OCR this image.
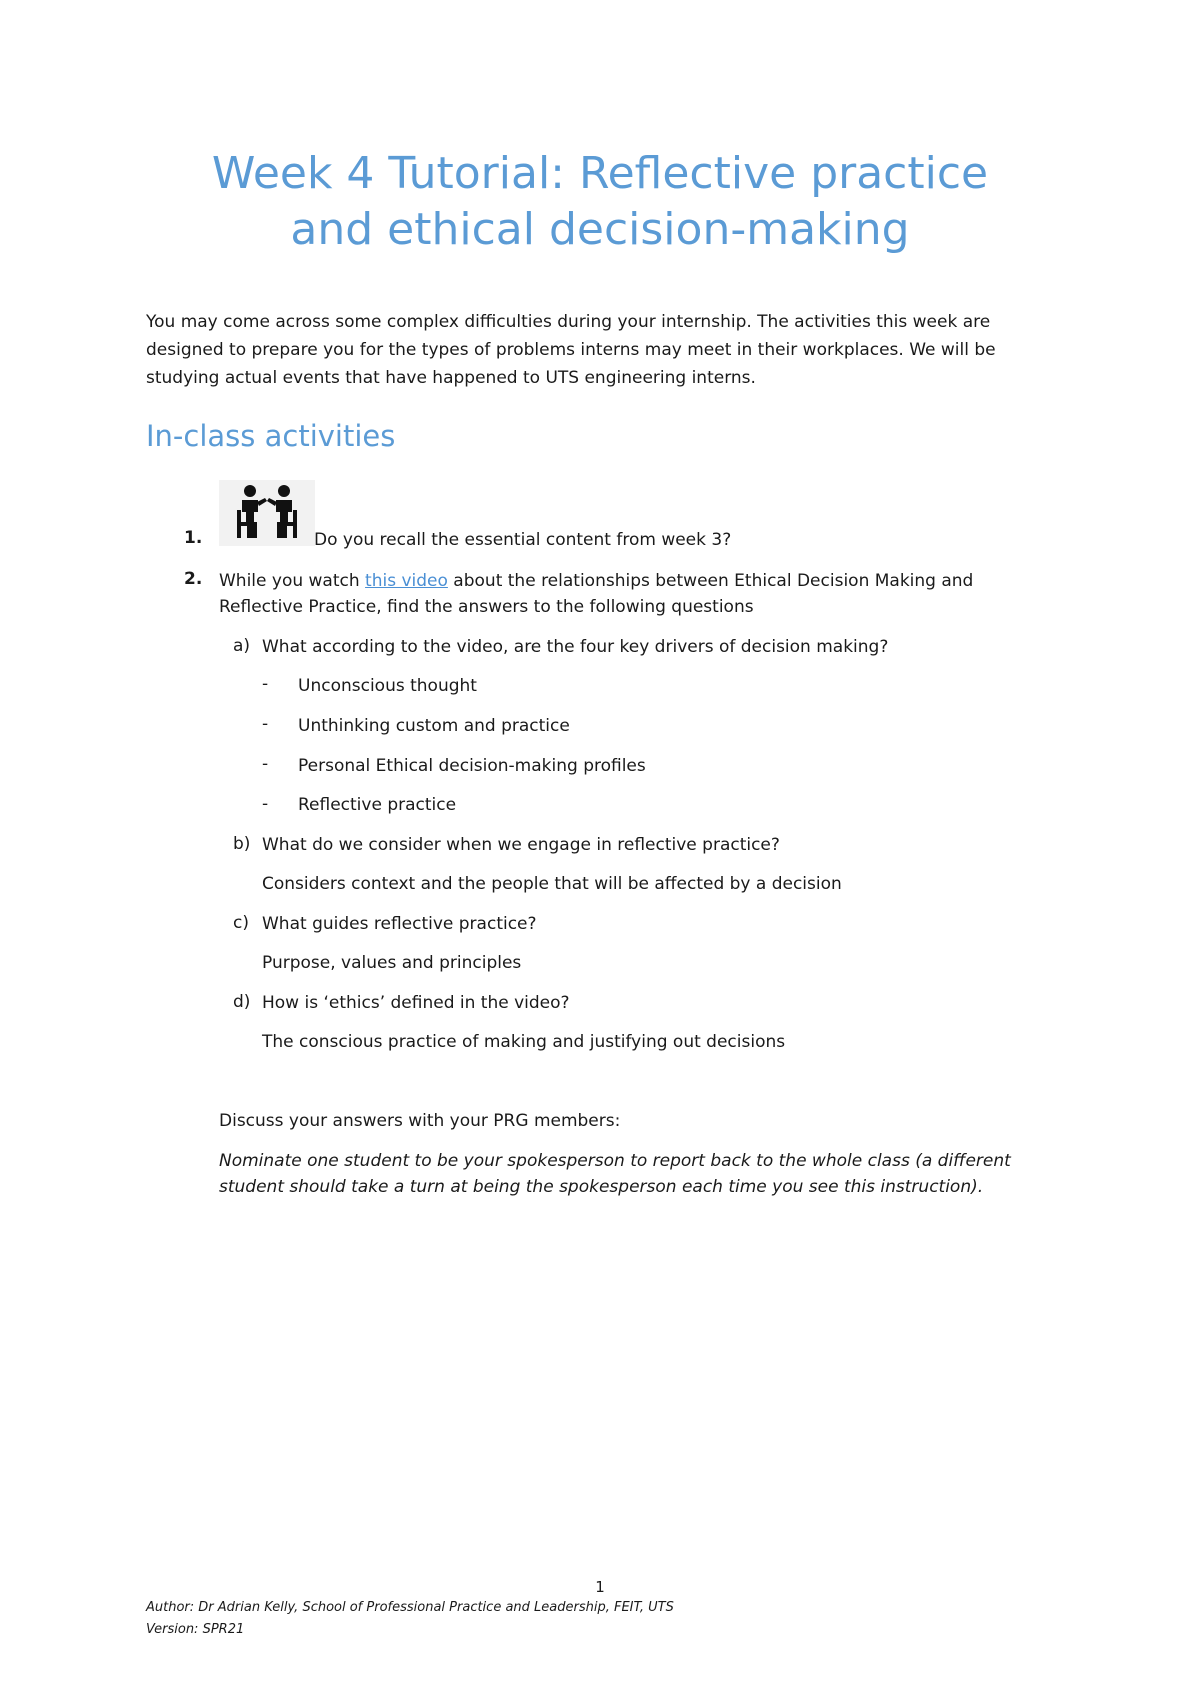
Week 4 Tutorial: Reflective practice
and ethical decision-making

You may come across some complex difficulties during your internship. The activities this week are designed to prepare you for the types of problems interns may meet in their workplaces. We will be studying actual events that have happened to UTS engineering interns.

In-class activities
1.	Do you recall the essential content from week 3?
2. While you watch this video about the relationships between Ethical Decision Making and
Reflective Practice, find the answers to the following questions
a) What according to the video, are the four key drivers of decision making?
- Unconscious thought
- Unthinking custom and practice
- Personal Ethical decision-making profiles
- Reflective practice
b) What do we consider when we engage in reflective practice?
Considers context and the people that will be affected by a decision
c) What guides reflective practice?
Purpose, values and principles
d) How is ‘ethics’ defined in the video?
The conscious practice of making and justifying out decisions
Discuss your answers with your PRG members:
Nominate one student to be your spokesperson to report back to the whole class (a different
student should take a turn at being the spokesperson each time you see this instruction).
1
Author: Dr Adrian Kelly, School of Professional Practice and Leadership, FEIT, UTS
Version: SPR21
